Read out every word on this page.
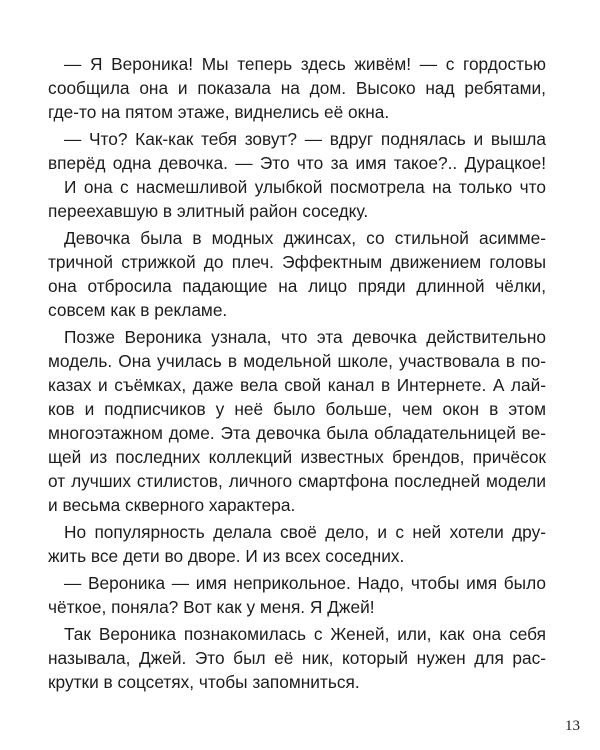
— Я Вероника! Мы теперь здесь живём! — с гордостью
сообщила она и показала на дом. Высоко над ребятами,
где-то на пятом этаже, виднелись её окна.
— Что? Как-как тебя зовут? — вдруг поднялась и вышла
вперёд одна девочка. — Это что за имя такое?.. Дурацкое!
И она с насмешливой улыбкой посмотрела на только что
переехавшую в элитный район соседку.
Девочка была в модных джинсах, со стильной асимме-
тричной стрижкой до плеч. Эффектным движением головы
она отбросила падающие на лицо пряди длинной чёлки,
совсем как в рекламе.
Позже Вероника узнала, что эта девочка действительно
модель. Она училась в модельной школе, участвовала в по-
казах и съёмках, даже вела свой канал в Интернете. А лай-
ков и подписчиков у неё было больше, чем окон в этом
многоэтажном доме. Эта девочка была обладательницей ве-
щей из последних коллекций известных брендов, причёсок
от лучших стилистов, личного смартфона последней модели
и весьма скверного характера.
Но популярность делала своё дело, и с ней хотели дру-
жить все дети во дворе. И из всех соседних.
— Вероника — имя неприкольное. Надо, чтобы имя было
чёткое, поняла? Вот как у меня. Я Джей!
Так Вероника познакомилась с Женей, или, как она себя
называла, Джей. Это был её ник, который нужен для рас-
крутки в соцсетях, чтобы запомниться.
13
